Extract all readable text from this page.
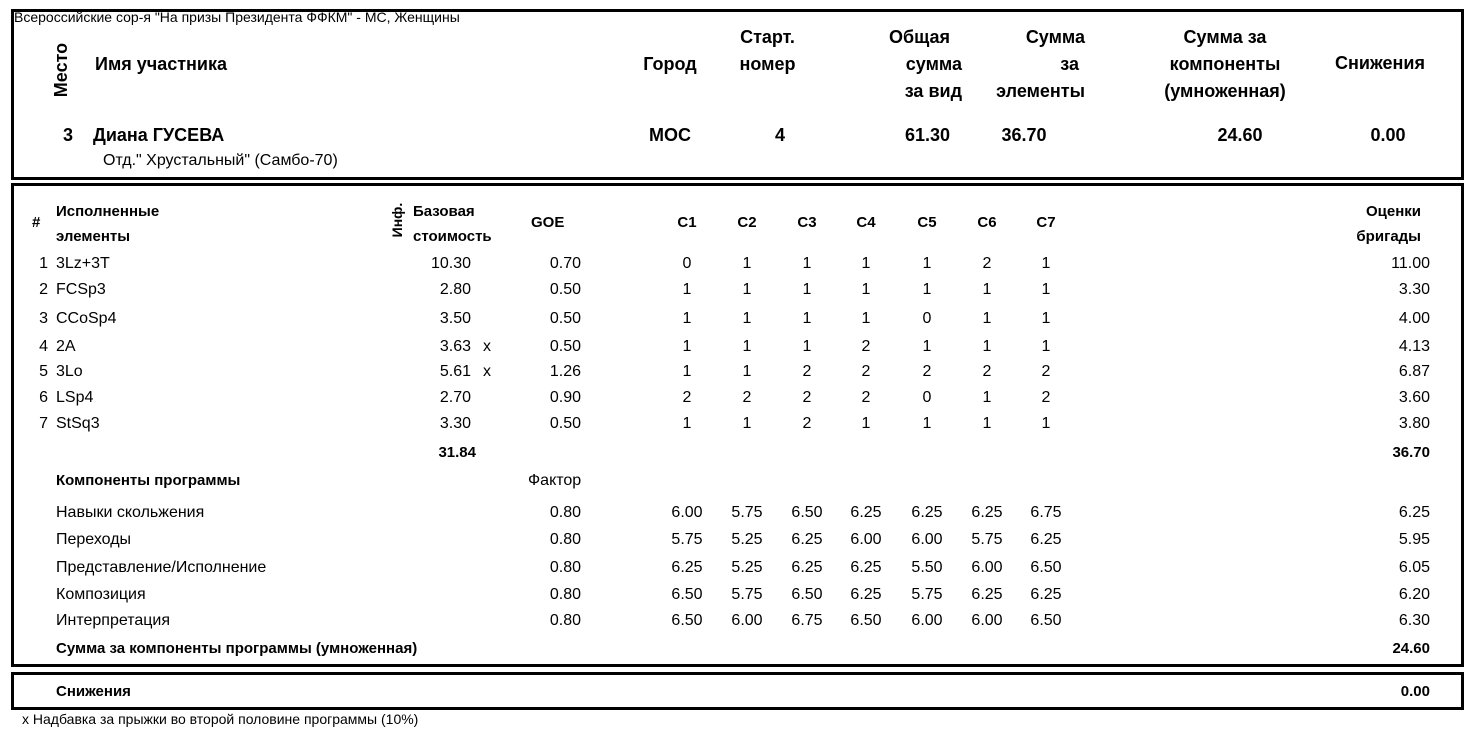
Всероссийские сор-я "На призы Президента ФФКМ" - МС, Женщины
Место Имя участника	Город
Старт.
номер
Общая
сумма
за вид
Сумма
за
элементы
Сумма за
компоненты
(умноженная)
Снижения
3 Диана ГУСЕВА
Отд." Хрустальный" (Самбо-70)
МОС	4	61.30	36.70	24.60	0.00
#
Исполненные
элементы	Инф. Базовая
стоимость
GOE	С1	С2	С3	С4	С5	С6	С7
Оценки
бригады
1 3Lz+3T	10.30	0.70	0	1	1	1	1	2	1	11.00
2 FCSp3	2.80	0.50	1	1	1	1	1	1	1	3.30
3 CCoSp4	3.50	0.50	1	1	1	1	0	1	1	4.00
4 2A	3.63 x	0.50	1	1	1	2	1	1	1	4.13
5 3Lo	5.61 x	1.26	1	1	2	2	2	2	2	6.87
6 LSp4	2.70	0.90	2	2	2	2	0	1	2	3.60
7 StSq3	3.30	0.50	1	1	2	1	1	1	1	3.80
31.84	36.70
Компоненты программы	Фактор
Навыки скольжения	0.80	6.00	5.75	6.50	6.25	6.25	6.25	6.75	6.25
Переходы	0.80	5.75	5.25	6.25	6.00	6.00	5.75	6.25	5.95
Представление/Исполнение	0.80	6.25	5.25	6.25	6.25	5.50	6.00	6.50	6.05
Композиция	0.80	6.50	5.75	6.50	6.25	5.75	6.25	6.25	6.20
Интерпретация	0.80	6.50	6.00	6.75	6.50	6.00	6.00	6.50	6.30
Сумма за компоненты программы (умноженная)	24.60
Снижения	0.00
x Надбавка за прыжки во второй половине программы (10%)
